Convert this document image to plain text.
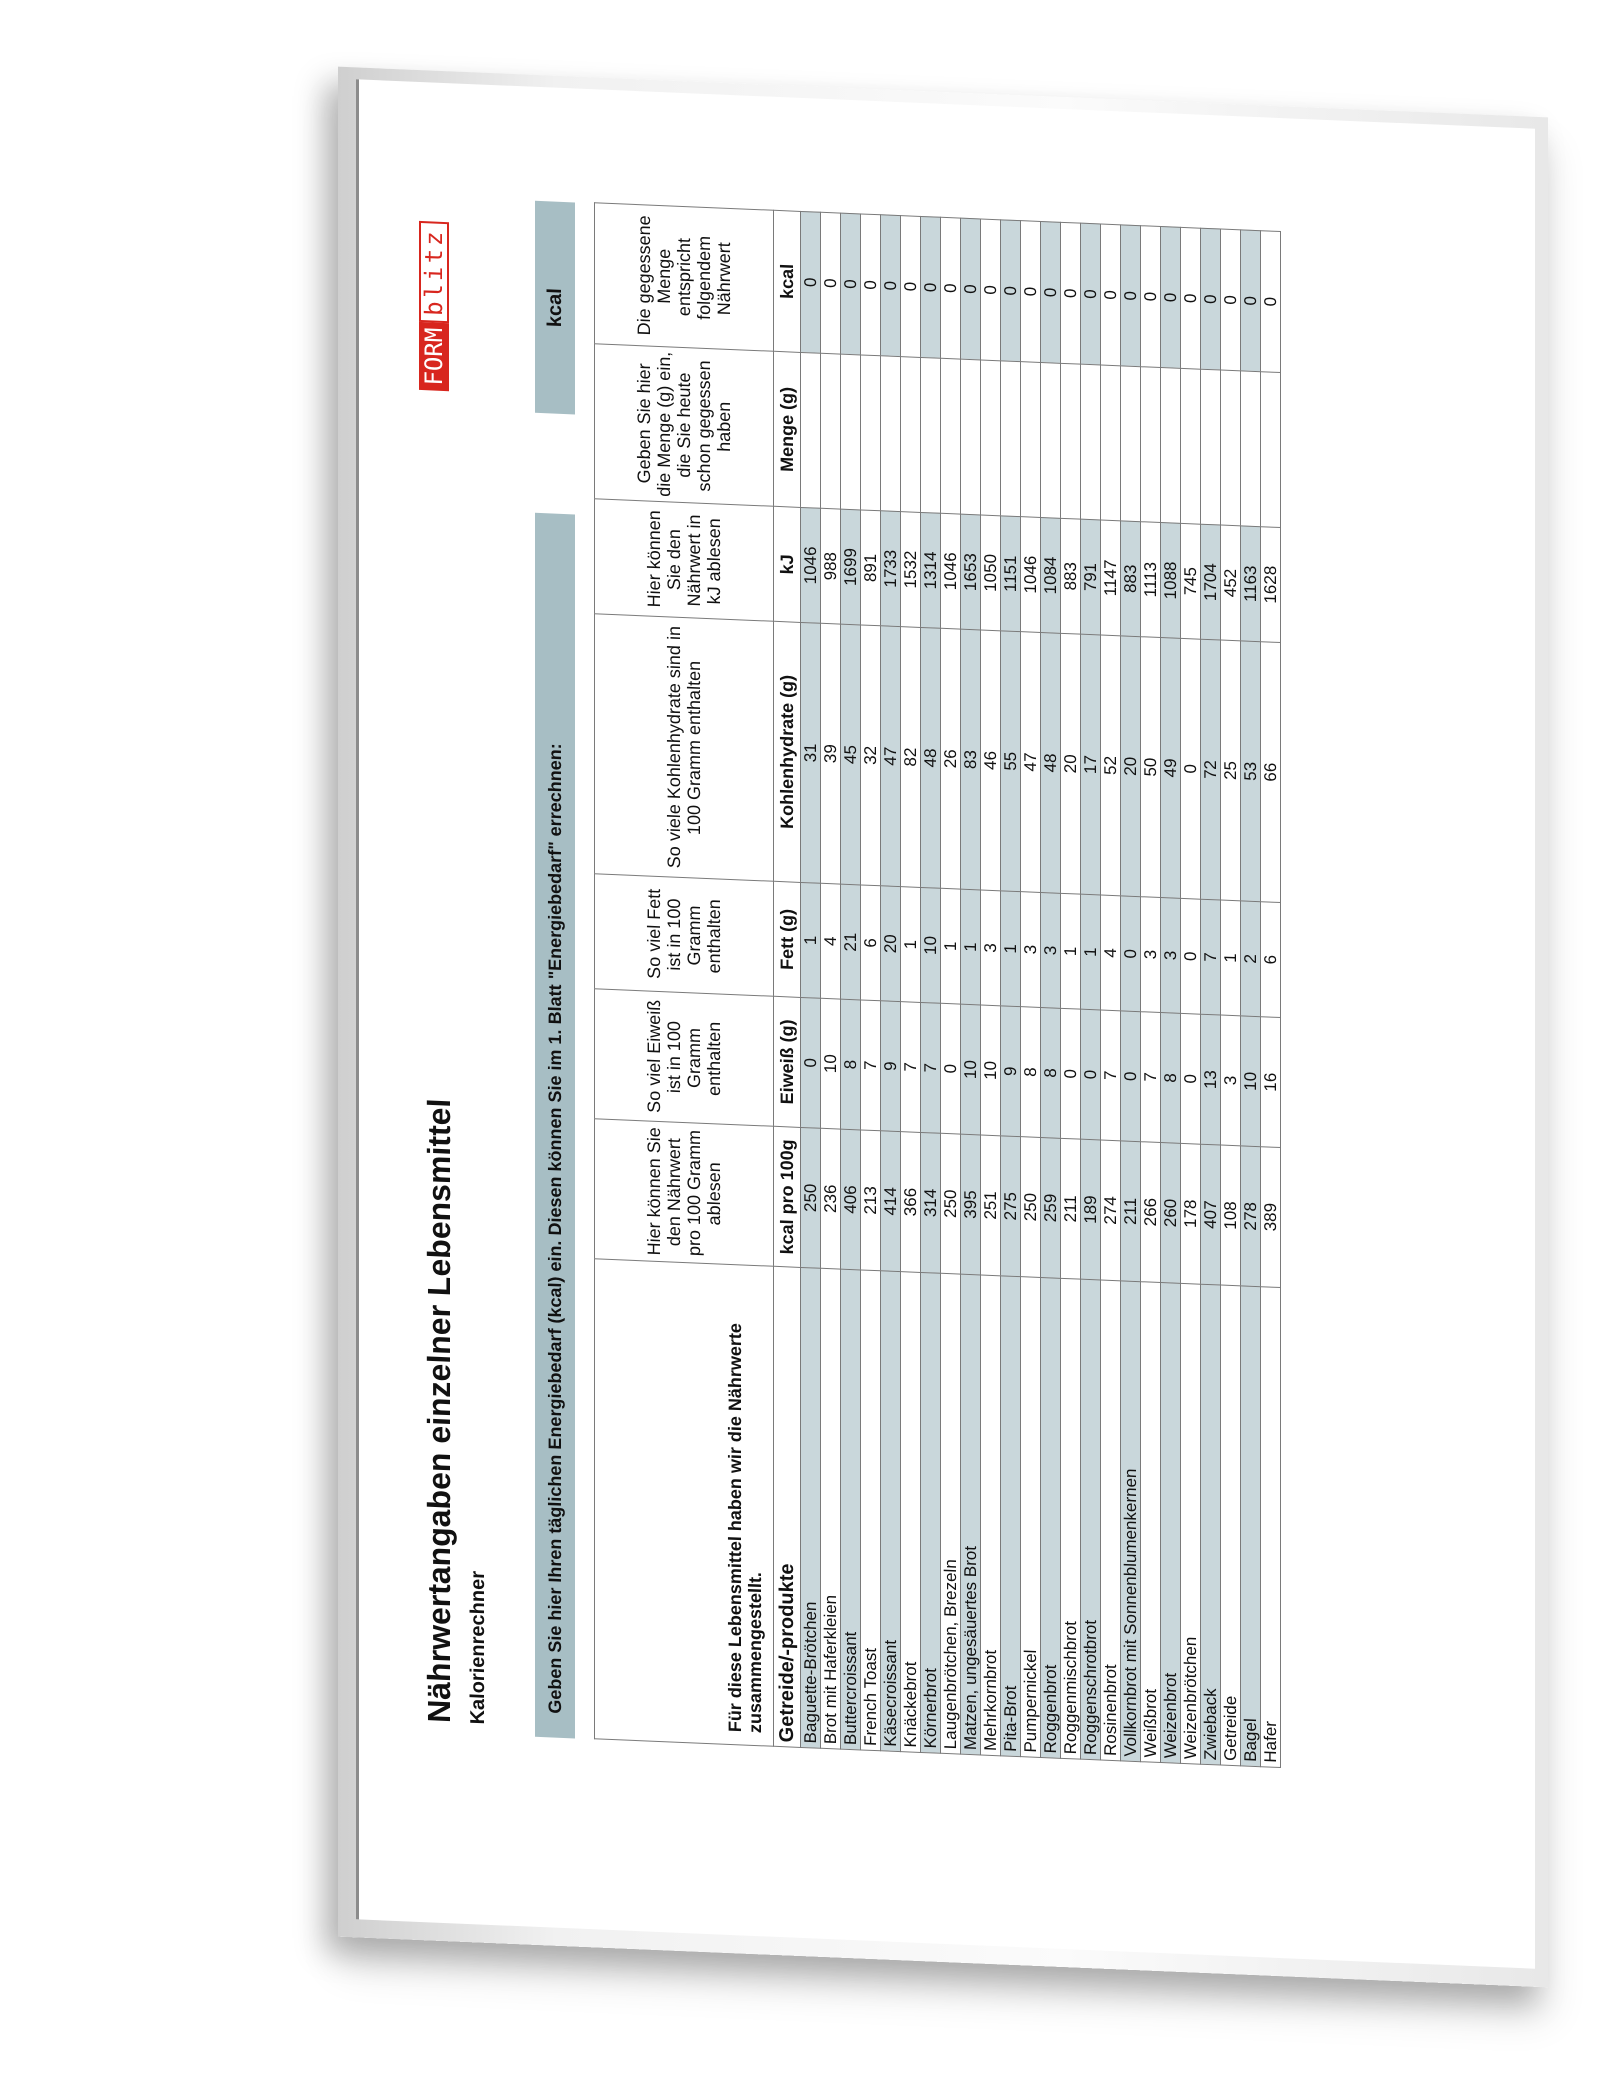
Nährwertangaben einzelner Lebensmittel Kalorienrechner
FORM
blitz
Geben Sie hier Ihren täglichen Energiebedarf (kcal) ein. Diesen können Sie im 1. Blatt "Energiebedarf" errechnen:
kcal
Für diese Lebensmittel haben wir die Nährwerte zusammengestellt.	Hier können Sie den Nährwert pro 100 Gramm ablesen	So viel Eiweiß ist in 100 Gramm enthalten	So viel Fett ist in 100 Gramm enthalten	So viele Kohlenhydrate sind in 100 Gramm enthalten	Hier können Sie den Nährwert in kJ ablesen	Geben Sie hier die Menge (g) ein, die Sie heute schon gegessen haben	Die gegessene Menge entspricht folgendem Nährwert
Getreide/-produkte	kcal pro 100g	Eiweiß (g)	Fett (g)	Kohlenhydrate (g)	kJ	Menge (g)	kcal
Baguette-Brötchen	250	0	1	31	1046		0
Brot mit Haferkleien	236	10	4	39	988		0
Buttercroissant	406	8	21	45	1699		0
French Toast	213	7	6	32	891		0
Käsecroissant	414	9	20	47	1733		0
Knäckebrot	366	7	1	82	1532		0
Körnerbrot	314	7	10	48	1314		0
Laugenbrötchen, Brezeln	250	0	1	26	1046		0
Matzen, ungesäuertes Brot	395	10	1	83	1653		0
Mehrkornbrot	251	10	3	46	1050		0
Pita-Brot	275	9	1	55	1151		0
Pumpernickel	250	8	3	47	1046		0
Roggenbrot	259	8	3	48	1084		0
Roggenmischbrot	211	0	1	20	883		0
Roggenschrotbrot	189	0	1	17	791		0
Rosinenbrot	274	7	4	52	1147		0
Vollkornbrot mit Sonnenblumenkernen	211	0	0	20	883		0
Weißbrot	266	7	3	50	1113		0
Weizenbrot	260	8	3	49	1088		0
Weizenbrötchen	178	0	0	0	745		0
Zwieback	407	13	7	72	1704		0
Getreide	108	3	1	25	452		0
Bagel	278	10	2	53	1163		0
Hafer	389	16	6	66	1628		0
